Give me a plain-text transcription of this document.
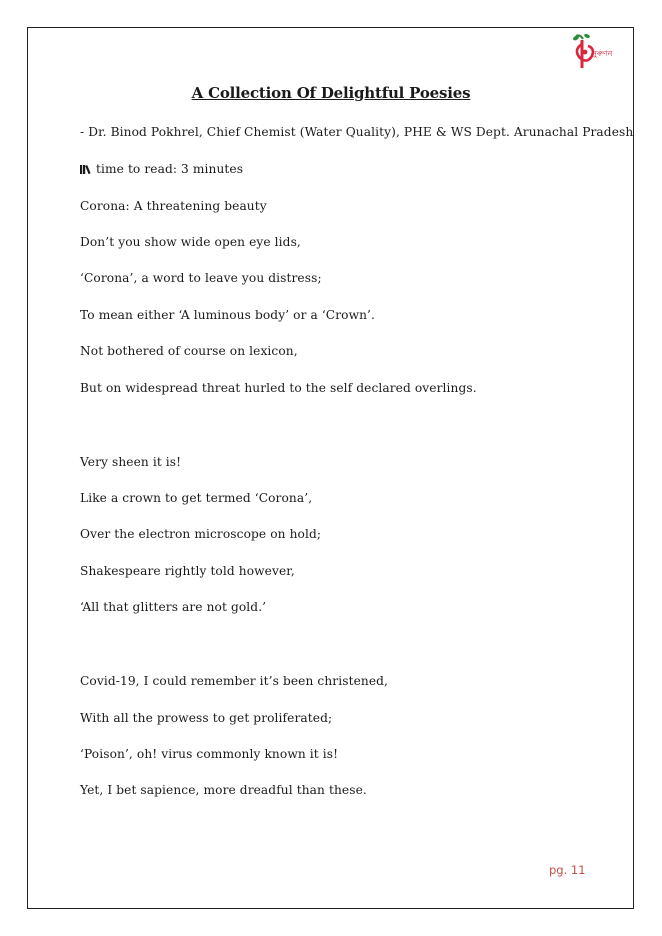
নুৰুণন
A Collection Of Delightful Poesies
- Dr. Binod Pokhrel, Chief Chemist (Water Quality), PHE & WS Dept. Arunachal Pradesh
time to read: 3 minutes
Corona: A threatening beauty
Don’t you show wide open eye lids,
‘Corona’, a word to leave you distress;
To mean either ‘A luminous body’ or a ‘Crown’.
Not bothered of course on lexicon,
But on widespread threat hurled to the self declared overlings.
Very sheen it is!
Like a crown to get termed ‘Corona’,
Over the electron microscope on hold;
Shakespeare rightly told however,
‘All that glitters are not gold.’
Covid-19, I could remember it’s been christened,
With all the prowess to get proliferated;
‘Poison’, oh! virus commonly known it is!
Yet, I bet sapience, more dreadful than these.
pg. 11
